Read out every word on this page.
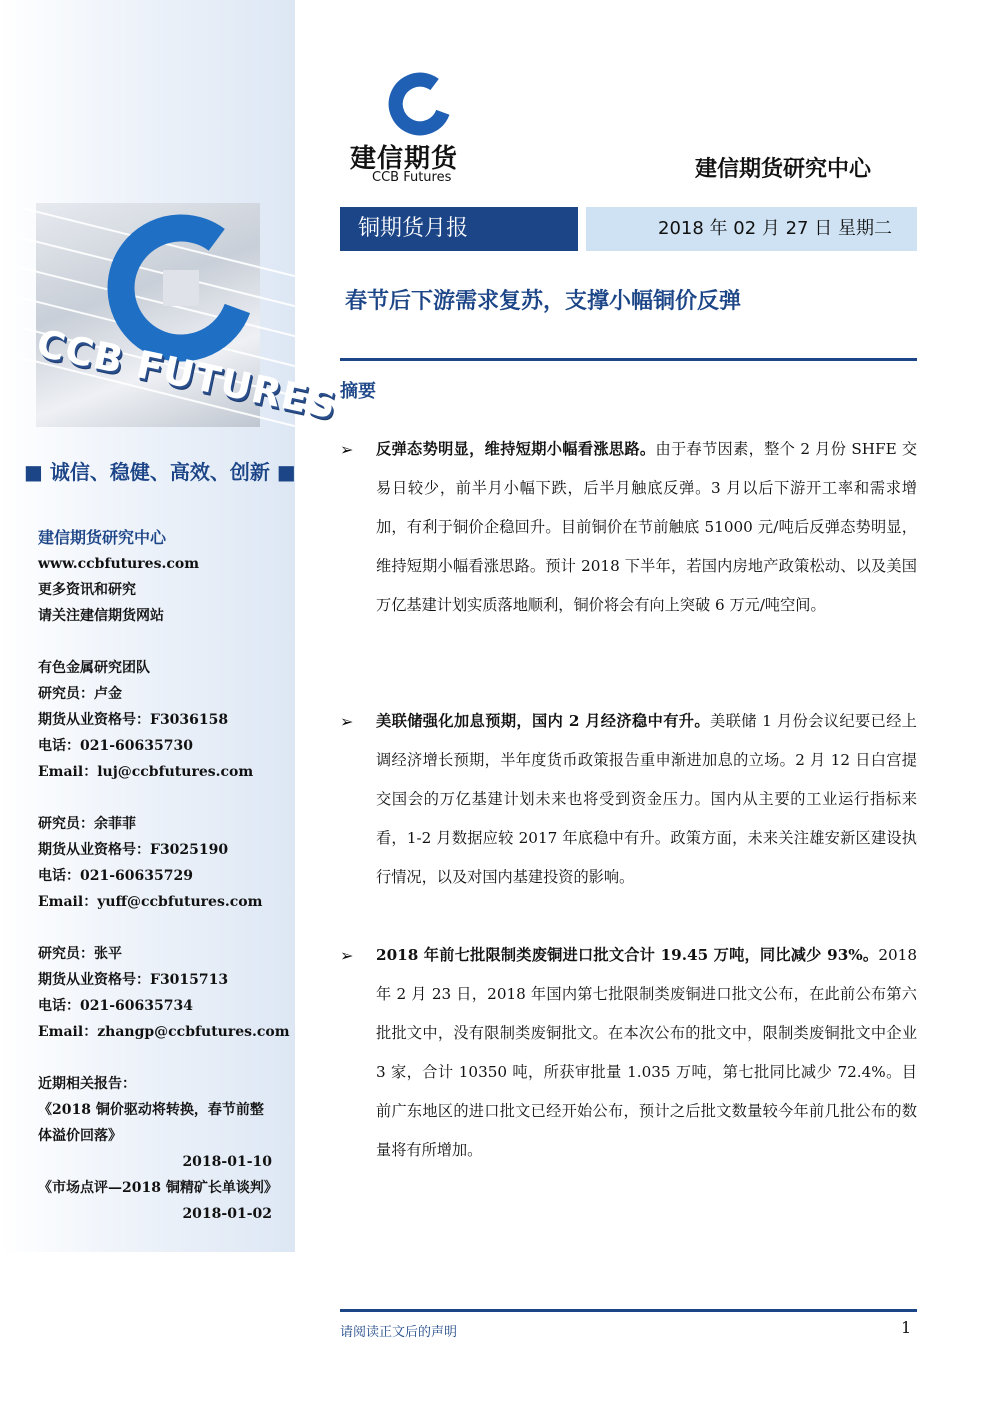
CCB FUTURES
■ 诚信、稳健、高效、创新 ■
建信期货研究中心
www.ccbfutures.com
更多资讯和研究
请关注建信期货网站
有色金属研究团队
研究员：卢金
期货从业资格号：F3036158
电话：021-60635730
Email：luj@ccbfutures.com
研究员：余菲菲
期货从业资格号：F3025190
电话：021-60635729
Email：yuff@ccbfutures.com
研究员：张平
期货从业资格号：F3015713
电话：021-60635734
Email：zhangp@ccbfutures.com
近期相关报告：
《2018 铜价驱动将转换，春节前整
体溢价回落》
2018-01-10
《市场点评—2018 铜精矿长单谈判》
2018-01-02
建信期货
CCB Futures	建信期货研究中心
铜期货月报	2018 年 02 月 27 日 星期二
春节后下游需求复苏，支撑小幅铜价反弹
摘要
➢ 反弹态势明显，维持短期小幅看涨思路。由于春节因素，整个 2 月份 SHFE 交易日较少，前半月小幅下跌，后半月触底反弹。3 月以后下游开工率和需求增加，有利于铜价企稳回升。目前铜价在节前触底 51000 元/吨后反弹态势明显，维持短期小幅看涨思路。预计 2018 下半年，若国内房地产政策松动、以及美国万亿基建计划实质落地顺利，铜价将会有向上突破 6 万元/吨空间。
➢ 美联储强化加息预期，国内 2 月经济稳中有升。美联储 1 月份会议纪要已经上调经济增长预期，半年度货币政策报告重申渐进加息的立场。2 月 12 日白宫提交国会的万亿基建计划未来也将受到资金压力。国内从主要的工业运行指标来看，1-2 月数据应较 2017 年底稳中有升。政策方面，未来关注雄安新区建设执行情况，以及对国内基建投资的影响。
➢ 2018 年前七批限制类废铜进口批文合计 19.45 万吨，同比减少 93%。2018 年 2 月 23 日，2018 年国内第七批限制类废铜进口批文公布，在此前公布第六批批文中，没有限制类废铜批文。在本次公布的批文中，限制类废铜批文中企业 3 家，合计 10350 吨，所获审批量 1.035 万吨，第七批同比减少 72.4%。目前广东地区的进口批文已经开始公布，预计之后批文数量较今年前几批公布的数量将有所增加。
请阅读正文后的声明	1
